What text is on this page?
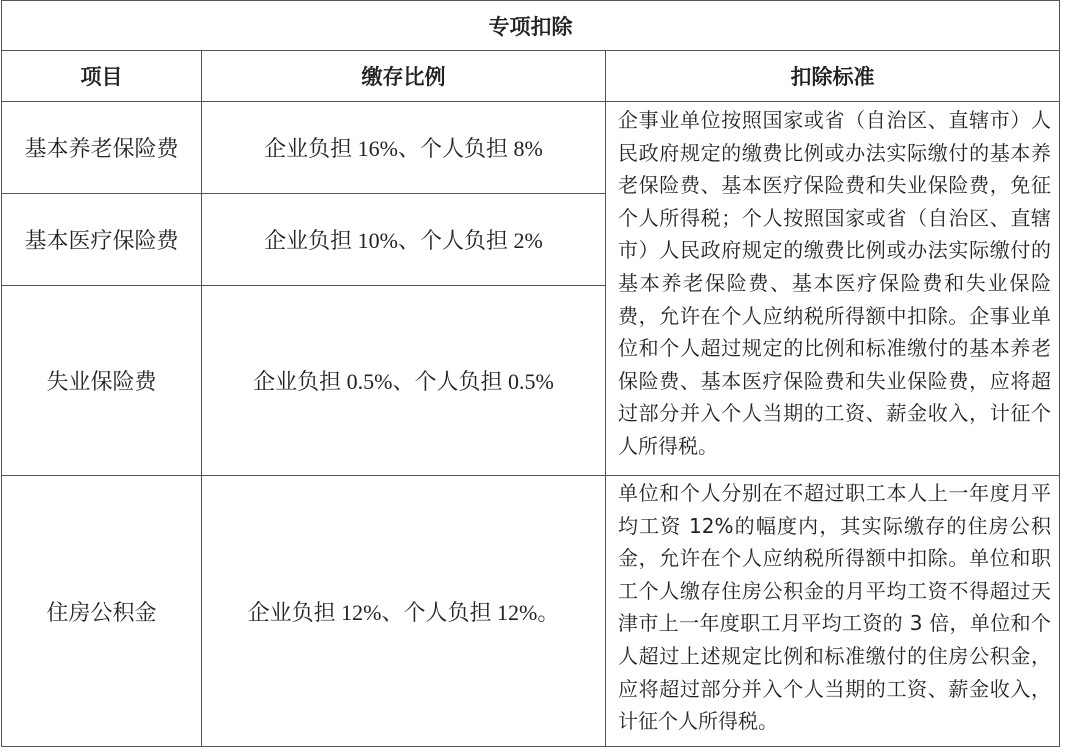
专项扣除		
项目	缴存比例	扣除标准
基本养老保险费	企业负担 16%、个人负担 8%	企事业单位按照国家或省（自治区、直辖市）人民政府规定的缴费比例或办法实际缴付的基本养老保险费、基本医疗保险费和失业保险费，免征个人所得税；个人按照国家或省（自治区、直辖市）人民政府规定的缴费比例或办法实际缴付的基本养老保险费、基本医疗保险费和失业保险费，允许在个人应纳税所得额中扣除。企事业单位和个人超过规定的比例和标准缴付的基本养老保险费、基本医疗保险费和失业保险费，应将超过部分并入个人当期的工资、薪金收入，计征个人所得税。
基本医疗保险费	企业负担 10%、个人负担 2%	
失业保险费	企业负担 0.5%、个人负担 0.5%	
住房公积金	企业负担 12%、个人负担 12%。	单位和个人分别在不超过职工本人上一年度月平均工资 12%的幅度内，其实际缴存的住房公积金，允许在个人应纳税所得额中扣除。单位和职工个人缴存住房公积金的月平均工资不得超过天津市上一年度职工月平均工资的 3 倍，单位和个人超过上述规定比例和标准缴付的住房公积金，应将超过部分并入个人当期的工资、薪金收入，计征个人所得税。
